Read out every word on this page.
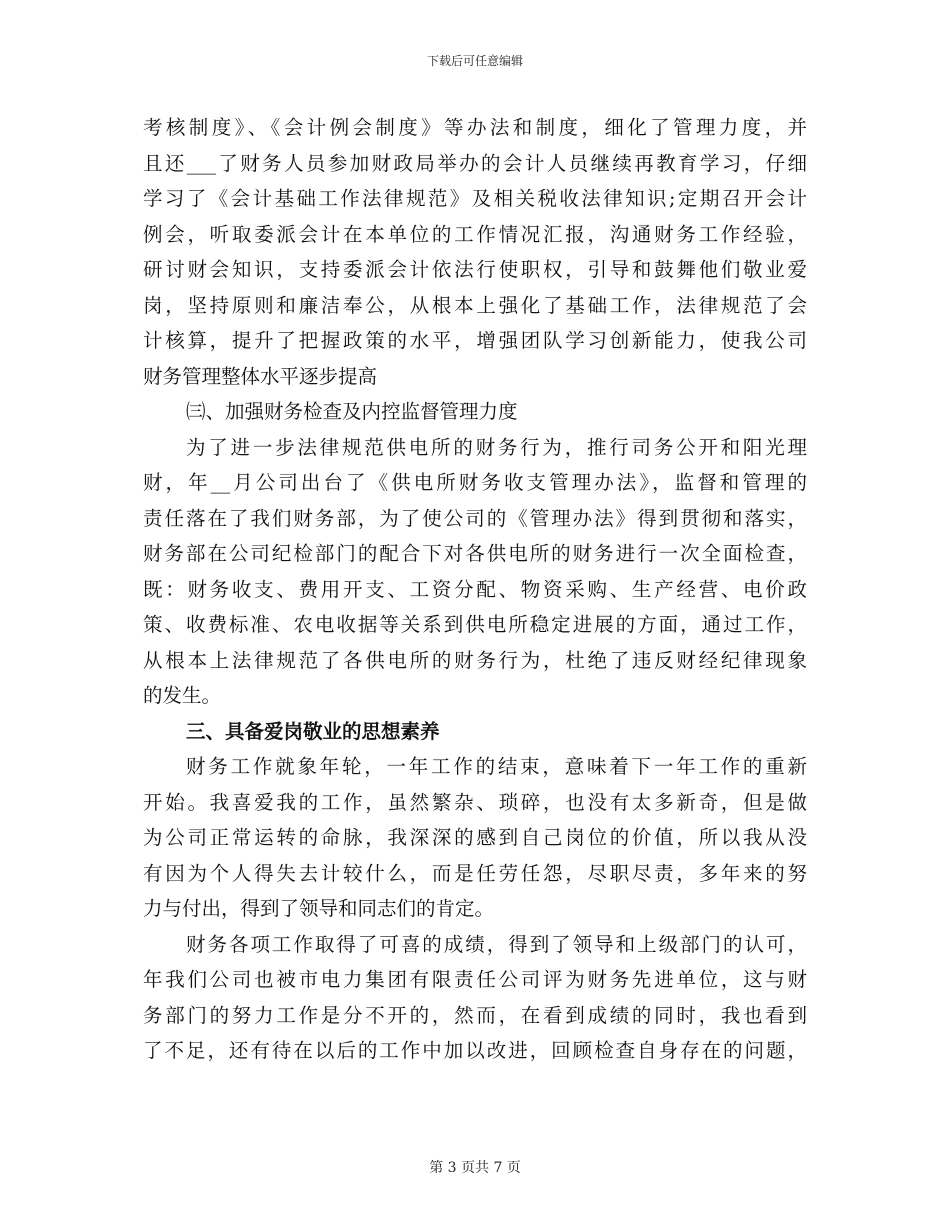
下载后可任意编辑
考核制度》、《会计例会制度》等办法和制度，细化了管理力度，并
且还___了财务人员参加财政局举办的会计人员继续再教育学习，仔细
学习了《会计基础工作法律规范》及相关税收法律知识;定期召开会计
例会，听取委派会计在本单位的工作情况汇报，沟通财务工作经验，
研讨财会知识，支持委派会计依法行使职权，引导和鼓舞他们敬业爱
岗，坚持原则和廉洁奉公，从根本上强化了基础工作，法律规范了会
计核算，提升了把握政策的水平，增强团队学习创新能力，使我公司
财务管理整体水平逐步提高
㈢、加强财务检查及内控监督管理力度
为了进一步法律规范供电所的财务行为，推行司务公开和阳光理
财，年__月公司出台了《供电所财务收支管理办法》，监督和管理的
责任落在了我们财务部，为了使公司的《管理办法》得到贯彻和落实，
财务部在公司纪检部门的配合下对各供电所的财务进行一次全面检查，
既：财务收支、费用开支、工资分配、物资采购、生产经营、电价政
策、收费标准、农电收据等关系到供电所稳定进展的方面，通过工作，
从根本上法律规范了各供电所的财务行为，杜绝了违反财经纪律现象
的发生。
三、具备爱岗敬业的思想素养
财务工作就象年轮，一年工作的结束，意味着下一年工作的重新
开始。我喜爱我的工作，虽然繁杂、琐碎，也没有太多新奇，但是做
为公司正常运转的命脉，我深深的感到自己岗位的价值，所以我从没
有因为个人得失去计较什么，而是任劳任怨，尽职尽责，多年来的努
力与付出，得到了领导和同志们的肯定。
财务各项工作取得了可喜的成绩，得到了领导和上级部门的认可，
年我们公司也被市电力集团有限责任公司评为财务先进单位，这与财
务部门的努力工作是分不开的，然而，在看到成绩的同时，我也看到
了不足，还有待在以后的工作中加以改进，回顾检查自身存在的问题，
第 3 页共 7 页
